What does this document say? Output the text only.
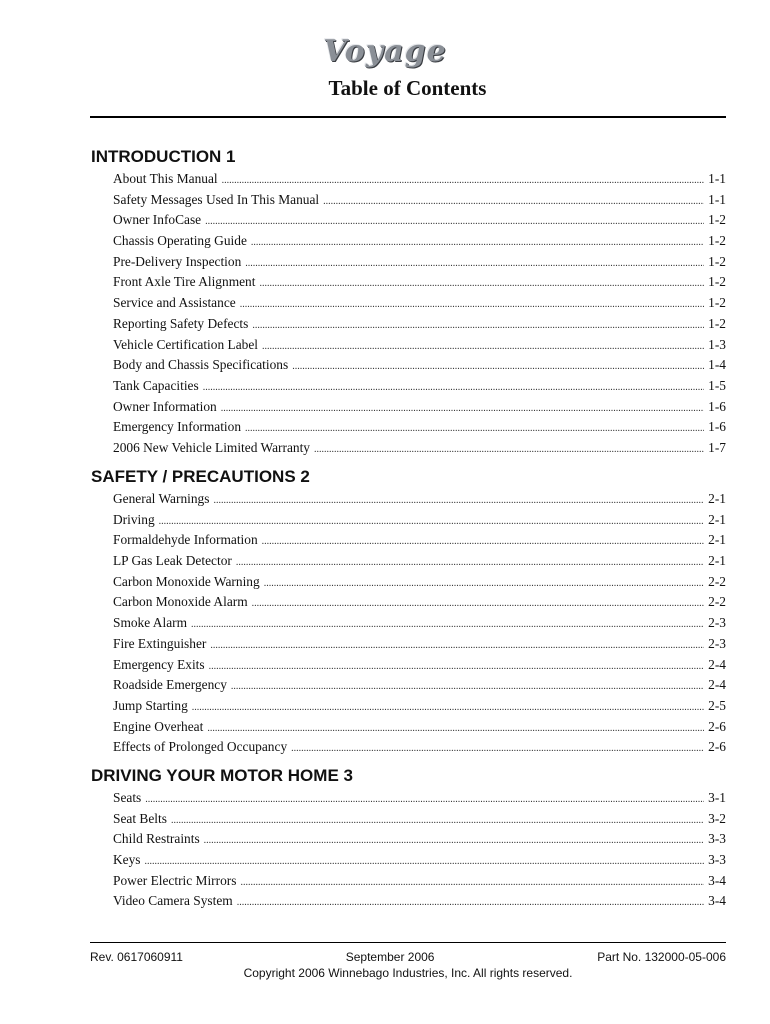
Voyage
Table of Contents
INTRODUCTION 1
About This Manual .....	1-1
Safety Messages Used In This Manual .....	1-1
Owner InfoCase .....	1-2
Chassis Operating Guide .....	1-2
Pre-Delivery Inspection .....	1-2
Front Axle Tire Alignment .....	1-2
Service and Assistance .....	1-2
Reporting Safety Defects .....	1-2
Vehicle Certification Label .....	1-3
Body and Chassis Specifications .....	1-4
Tank Capacities .....	1-5
Owner Information .....	1-6
Emergency Information .....	1-6
2006 New Vehicle Limited Warranty .....	1-7
SAFETY / PRECAUTIONS 2
General Warnings .....	2-1
Driving .....	2-1
Formaldehyde Information .....	2-1
LP Gas Leak Detector .....	2-1
Carbon Monoxide Warning .....	2-2
Carbon Monoxide Alarm .....	2-2
Smoke Alarm .....	2-3
Fire Extinguisher .....	2-3
Emergency Exits .....	2-4
Roadside Emergency .....	2-4
Jump Starting .....	2-5
Engine Overheat .....	2-6
Effects of Prolonged Occupancy .....	2-6
DRIVING YOUR MOTOR HOME 3
Seats .....	3-1
Seat Belts .....	3-2
Child Restraints .....	3-3
Keys .....	3-3
Power Electric Mirrors .....	3-4
Video Camera System .....	3-4
Rev. 0617060911	September 2006	Part No. 132000-05-006
Copyright 2006 Winnebago Industries, Inc. All rights reserved.
